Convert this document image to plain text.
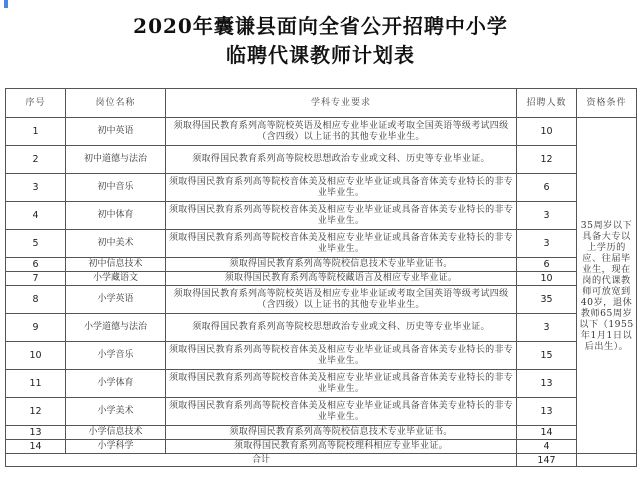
2020年囊谦县面向全省公开招聘中小学
临聘代课教师计划表
序号	岗位名称	学科专业要求	招聘人数	资格条件
1	初中英语	须取得国民教育系列高等院校英语及相应专业毕业证或考取全国英语等级考试四级（含四级）以上证书的其他专业毕业生。	10	35周岁以下具备大专以上学历的应、往届毕业生，现在岗的代课教师可放宽到40岁，退休教师65周岁以下（1955年1月1日以后出生）。
2	初中道德与法治	须取得国民教育系列高等院校思想政治专业或文科、历史等专业毕业证。	12	
3	初中音乐	须取得国民教育系列高等院校音体美及相应专业毕业证或具备音体美专业特长的非专业毕业生。	6	
4	初中体育	须取得国民教育系列高等院校音体美及相应专业毕业证或具备音体美专业特长的非专业毕业生。	3	
5	初中美术	须取得国民教育系列高等院校音体美及相应专业毕业证或具备音体美专业特长的非专业毕业生。	3	
6	初中信息技术	须取得国民教育系列高等院校信息技术专业毕业证书。	6	
7	小学藏语文	须取得国民教育系列高等院校藏语言及相应专业毕业证。	10	
8	小学英语	须取得国民教育系列高等院校英语及相应专业毕业证或考取全国英语等级考试四级（含四级）以上证书的其他专业毕业生。	35	
9	小学道德与法治	须取得国民教育系列高等院校思想政治专业或文科、历史等专业毕业证。	3	
10	小学音乐	须取得国民教育系列高等院校音体美及相应专业毕业证或具备音体美专业特长的非专业毕业生。	15	
11	小学体育	须取得国民教育系列高等院校音体美及相应专业毕业证或具备音体美专业特长的非专业毕业生。	13	
12	小学美术	须取得国民教育系列高等院校音体美及相应专业毕业证或具备音体美专业特长的非专业毕业生。	13	
13	小学信息技术	须取得国民教育系列高等院校信息技术专业毕业证书。	14	
14	小学科学	须取得国民教育系列高等院校理科相应专业毕业证。	4	
合计			147	
